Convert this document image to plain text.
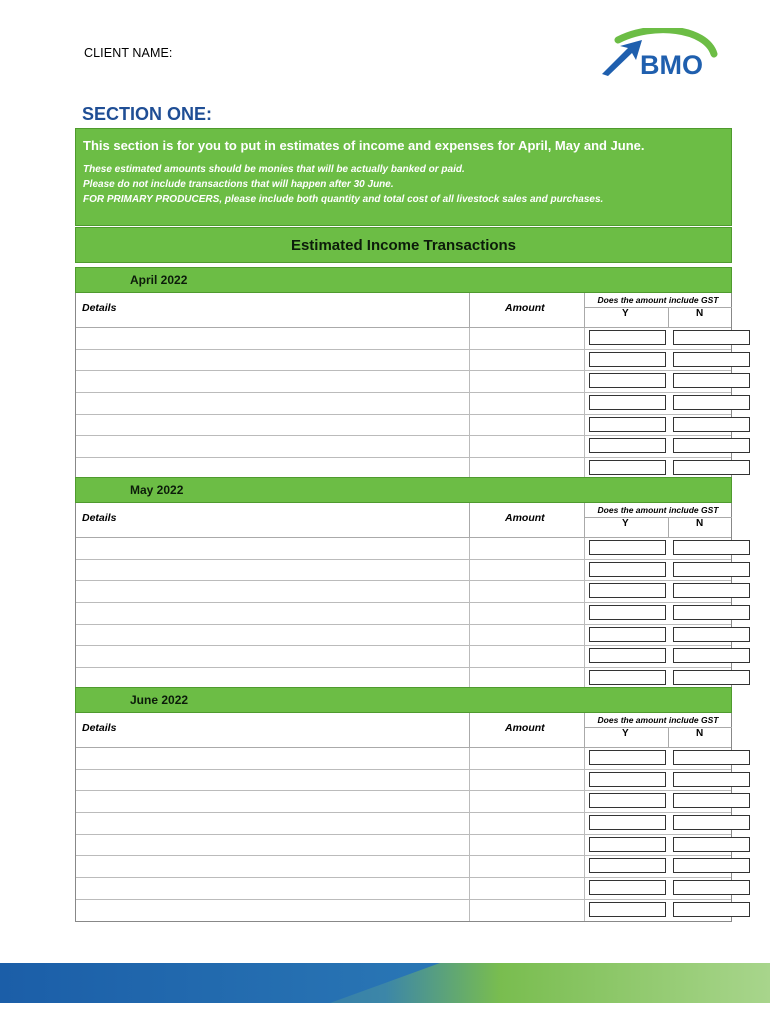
CLIENT NAME:	BMO
SECTION ONE:
This section is for you to put in estimates of income and expenses for April, May and June.
These estimated amounts should be monies that will be actually banked or paid.
Please do not include transactions that will happen after 30 June.
FOR PRIMARY PRODUCERS, please include both quantity and total cost of all livestock sales and purchases.
Estimated Income Transactions
April 2022
Details	Amount
Does the amount include GST
Y	N
May 2022
Details	Amount
Does the amount include GST
Y	N
June 2022
Details	Amount
Does the amount include GST
Y	N
